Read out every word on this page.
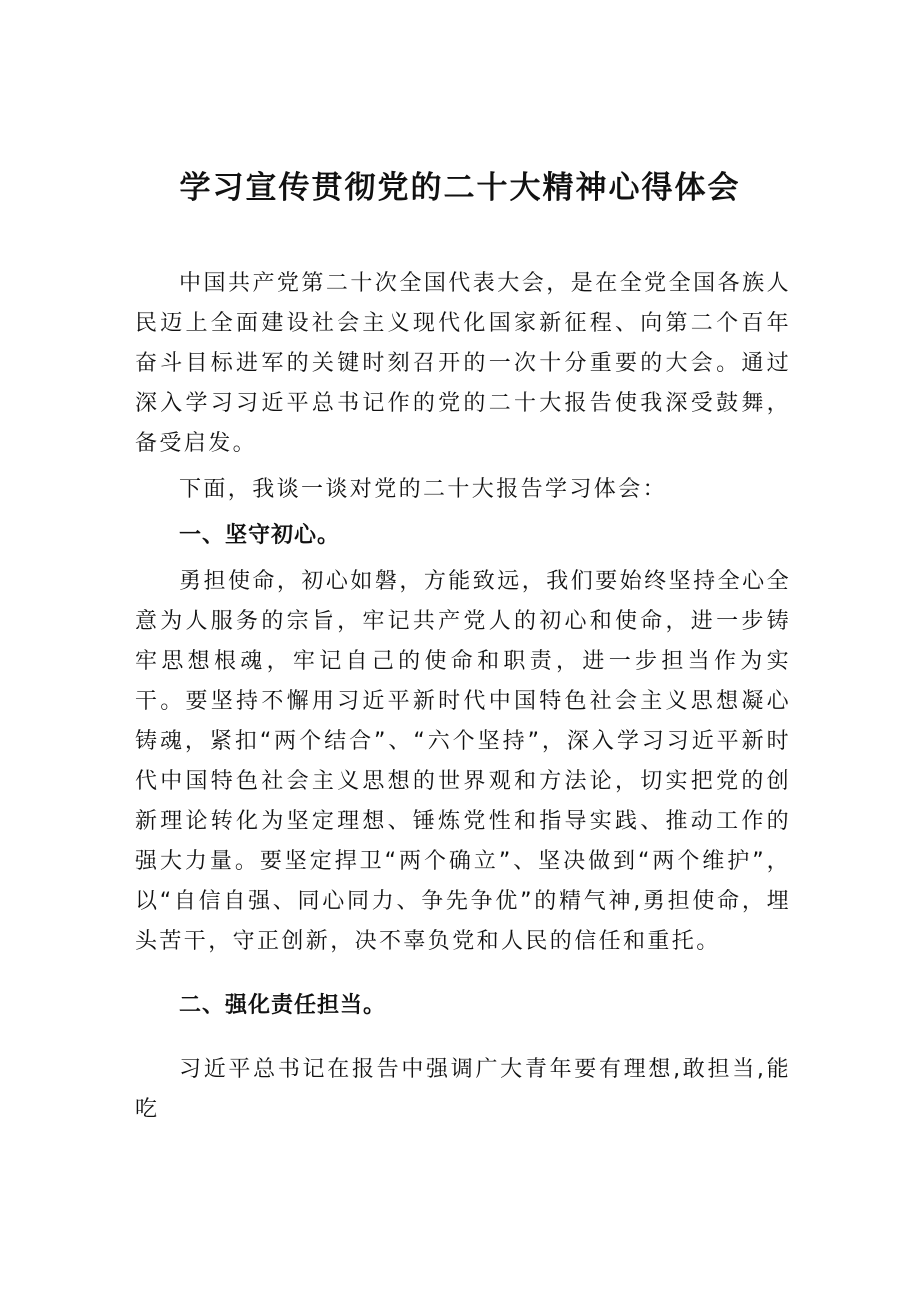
学习宣传贯彻党的二十大精神心得体会

中国共产党第二十次全国代表大会，是在全党全国各族人民迈上全面建设社会主义现代化国家新征程、向第二个百年奋斗目标进军的关键时刻召开的一次十分重要的大会。通过深入学习习近平总书记作的党的二十大报告使我深受鼓舞，备受启发。

下面，我谈一谈对党的二十大报告学习体会：

一、坚守初心。

勇担使命，初心如磐，方能致远，我们要始终坚持全心全意为人服务的宗旨，牢记共产党人的初心和使命，进一步铸牢思想根魂，牢记自己的使命和职责，进一步担当作为实干。要坚持不懈用习近平新时代中国特色社会主义思想凝心铸魂，紧扣“两个结合”、“六个坚持”，深入学习习近平新时代中国特色社会主义思想的世界观和方法论，切实把党的创新理论转化为坚定理想、锤炼党性和指导实践、推动工作的强大力量。要坚定捍卫“两个确立”、坚决做到“两个维护”，以“自信自强、同心同力、争先争优”的精气神,勇担使命，埋头苦干，守正创新，决不辜负党和人民的信任和重托。

二、强化责任担当。

习近平总书记在报告中强调广大青年要有理想,敢担当,能吃
